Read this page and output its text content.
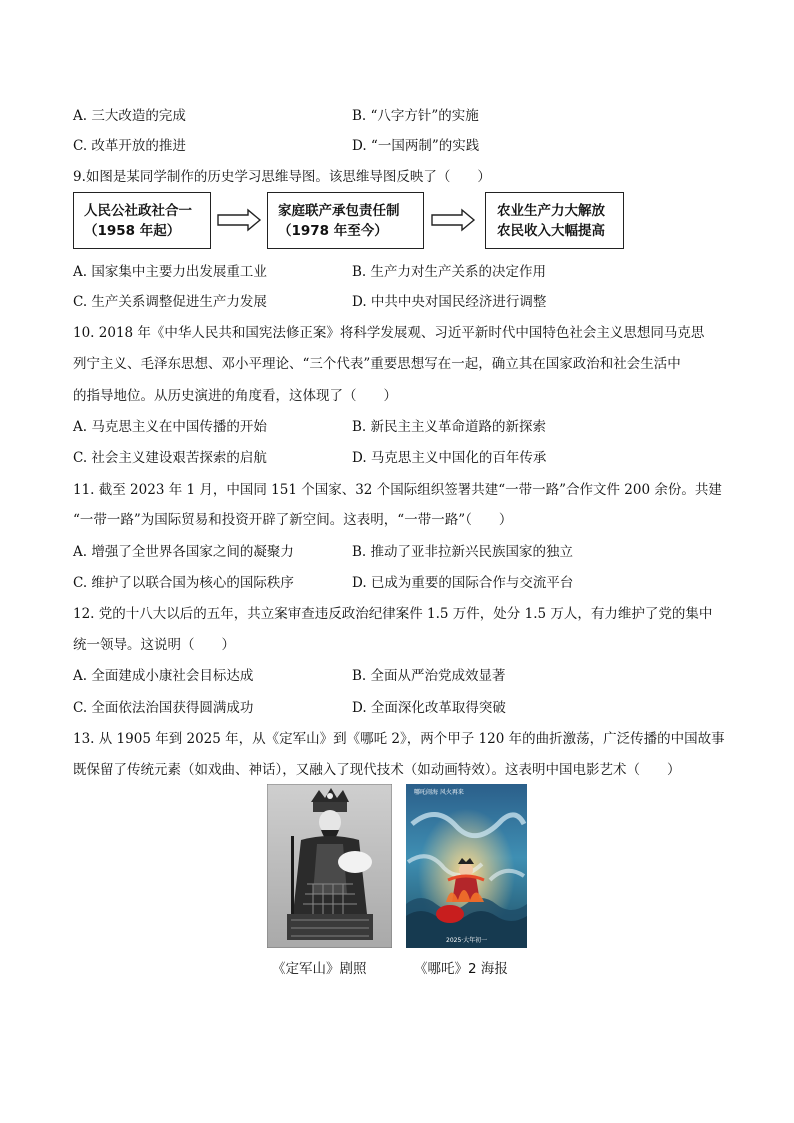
A. 三大改造的完成	B. “八字方针”的实施
C. 改革开放的推进	D. “一国两制”的实践
9.如图是某同学制作的历史学习思维导图。该思维导图反映了（　　）
人民公社政社合一
（1958 年起）
家庭联产承包责任制
（1978 年至今）
农业生产力大解放
农民收入大幅提高
A. 国家集中主要力出发展重工业	B. 生产力对生产关系的决定作用
C. 生产关系调整促进生产力发展	D. 中共中央对国民经济进行调整
10. 2018 年《中华人民共和国宪法修正案》将科学发展观、习近平新时代中国特色社会主义思想同马克思
列宁主义、毛泽东思想、邓小平理论、“三个代表”重要思想写在一起，确立其在国家政治和社会生活中
的指导地位。从历史演进的角度看，这体现了（　　）
A. 马克思主义在中国传播的开始	B. 新民主主义革命道路的新探索
C. 社会主义建设艰苦探索的启航	D. 马克思主义中国化的百年传承
11. 截至 2023 年 1 月，中国同 151 个国家、32 个国际组织签署共建“一带一路”合作文件 200 余份。共建
“一带一路”为国际贸易和投资开辟了新空间。这表明，“一带一路”（　　）
A. 增强了全世界各国家之间的凝聚力	B. 推动了亚非拉新兴民族国家的独立
C. 维护了以联合国为核心的国际秩序	D. 已成为重要的国际合作与交流平台
12. 党的十八大以后的五年，共立案审查违反政治纪律案件 1.5 万件，处分 1.5 万人，有力维护了党的集中
统一领导。这说明（　　）
A. 全面建成小康社会目标达成	B. 全面从严治党成效显著
C. 全面依法治国获得圆满成功	D. 全面深化改革取得突破
13. 从 1905 年到 2025 年，从《定军山》到《哪吒 2》，两个甲子 120 年的曲折激荡，广泛传播的中国故事
既保留了传统元素（如戏曲、神话），又融入了现代技术（如动画特效）。这表明中国电影艺术（　　）
哪吒闹海 风火再来
2025·大年初一
《定军山》剧照	《哪吒》2 海报
